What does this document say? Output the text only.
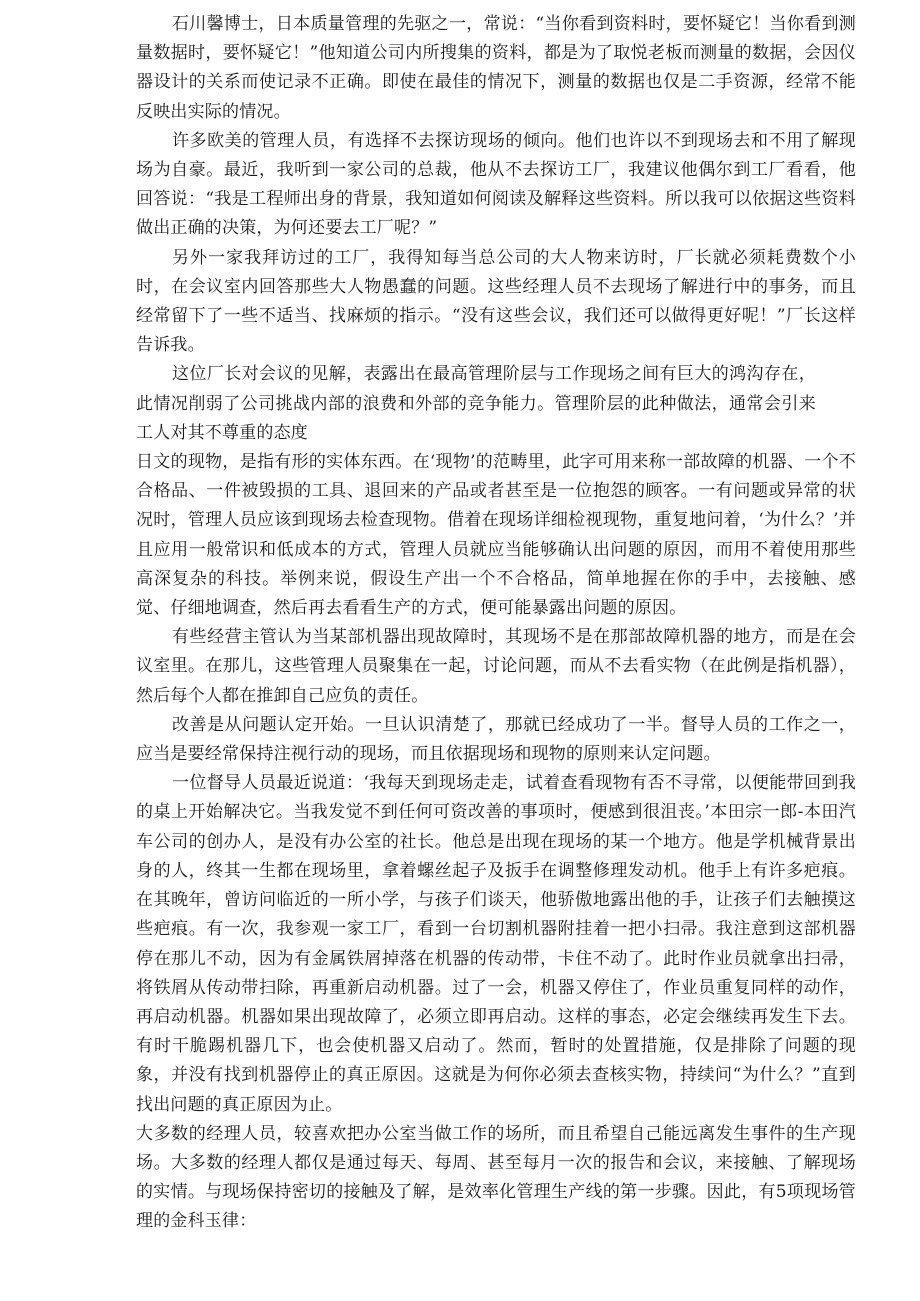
石川馨博士，日本质量管理的先驱之一，常说：“当你看到资料时，要怀疑它！当你看到测量数据时，要怀疑它！”他知道公司内所搜集的资料，都是为了取悦老板而测量的数据，会因仪器设计的关系而使记录不正确。即使在最佳的情况下，测量的数据也仅是二手资源，经常不能反映出实际的情况。

许多欧美的管理人员，有选择不去探访现场的倾向。他们也许以不到现场去和不用了解现场为自豪。最近，我听到一家公司的总裁，他从不去探访工厂，我建议他偶尔到工厂看看，他回答说：“我是工程师出身的背景，我知道如何阅读及解释这些资料。所以我可以依据这些资料做出正确的决策，为何还要去工厂呢？”

另外一家我拜访过的工厂，我得知每当总公司的大人物来访时，厂长就必须耗费数个小时，在会议室内回答那些大人物愚蠢的问题。这些经理人员不去现场了解进行中的事务，而且经常留下了一些不适当、找麻烦的指示。“没有这些会议，我们还可以做得更好呢！”厂长这样告诉我。

这位厂长对会议的见解，表露出在最高管理阶层与工作现场之间有巨大的鸿沟存在，此情况削弱了公司挑战内部的浪费和外部的竞争能力。管理阶层的此种做法，通常会引来工人对其不尊重的态度

日文的现物，是指有形的实体东西。在‘现物’的范畴里，此字可用来称一部故障的机器、一个不合格品、一件被毁损的工具、退回来的产品或者甚至是一位抱怨的顾客。一有问题或异常的状况时，管理人员应该到现场去检查现物。借着在现场详细检视现物，重复地问着，‘为什么？’并且应用一般常识和低成本的方式，管理人员就应当能够确认出问题的原因，而用不着使用那些高深复杂的科技。举例来说，假设生产出一个不合格品，简单地握在你的手中，去接触、感觉、仔细地调查，然后再去看看生产的方式，便可能暴露出问题的原因。

有些经营主管认为当某部机器出现故障时，其现场不是在那部故障机器的地方，而是在会议室里。在那儿，这些管理人员聚集在一起，讨论问题，而从不去看实物（在此例是指机器），然后每个人都在推卸自己应负的责任。

改善是从问题认定开始。一旦认识清楚了，那就已经成功了一半。督导人员的工作之一，应当是要经常保持注视行动的现场，而且依据现场和现物的原则来认定问题。

一位督导人员最近说道：‘我每天到现场走走，试着查看现物有否不寻常，以便能带回到我的桌上开始解决它。当我发觉不到任何可资改善的事项时，便感到很沮丧。’本田宗一郎-本田汽车公司的创办人，是没有办公室的社长。他总是出现在现场的某一个地方。他是学机械背景出身的人，终其一生都在现场里，拿着螺丝起子及扳手在调整修理发动机。他手上有许多疤痕。在其晚年，曾访问临近的一所小学，与孩子们谈天，他骄傲地露出他的手，让孩子们去触摸这些疤痕。有一次，我参观一家工厂，看到一台切割机器附挂着一把小扫帚。我注意到这部机器停在那儿不动，因为有金属铁屑掉落在机器的传动带，卡住不动了。此时作业员就拿出扫帚，将铁屑从传动带扫除，再重新启动机器。过了一会，机器又停住了，作业员重复同样的动作，再启动机器。机器如果出现故障了，必须立即再启动。这样的事态，必定会继续再发生下去。有时干脆踢机器几下，也会使机器又启动了。然而，暂时的处置措施，仅是排除了问题的现象，并没有找到机器停止的真正原因。这就是为何你必须去查核实物，持续问“为什么？”直到找出问题的真正原因为止。

大多数的经理人员，较喜欢把办公室当做工作的场所，而且希望自己能远离发生事件的生产现场。大多数的经理人都仅是通过每天、每周、甚至每月一次的报告和会议，来接触、了解现场的实情。与现场保持密切的接触及了解，是效率化管理生产线的第一步骤。因此，有5项现场管理的金科玉律：
